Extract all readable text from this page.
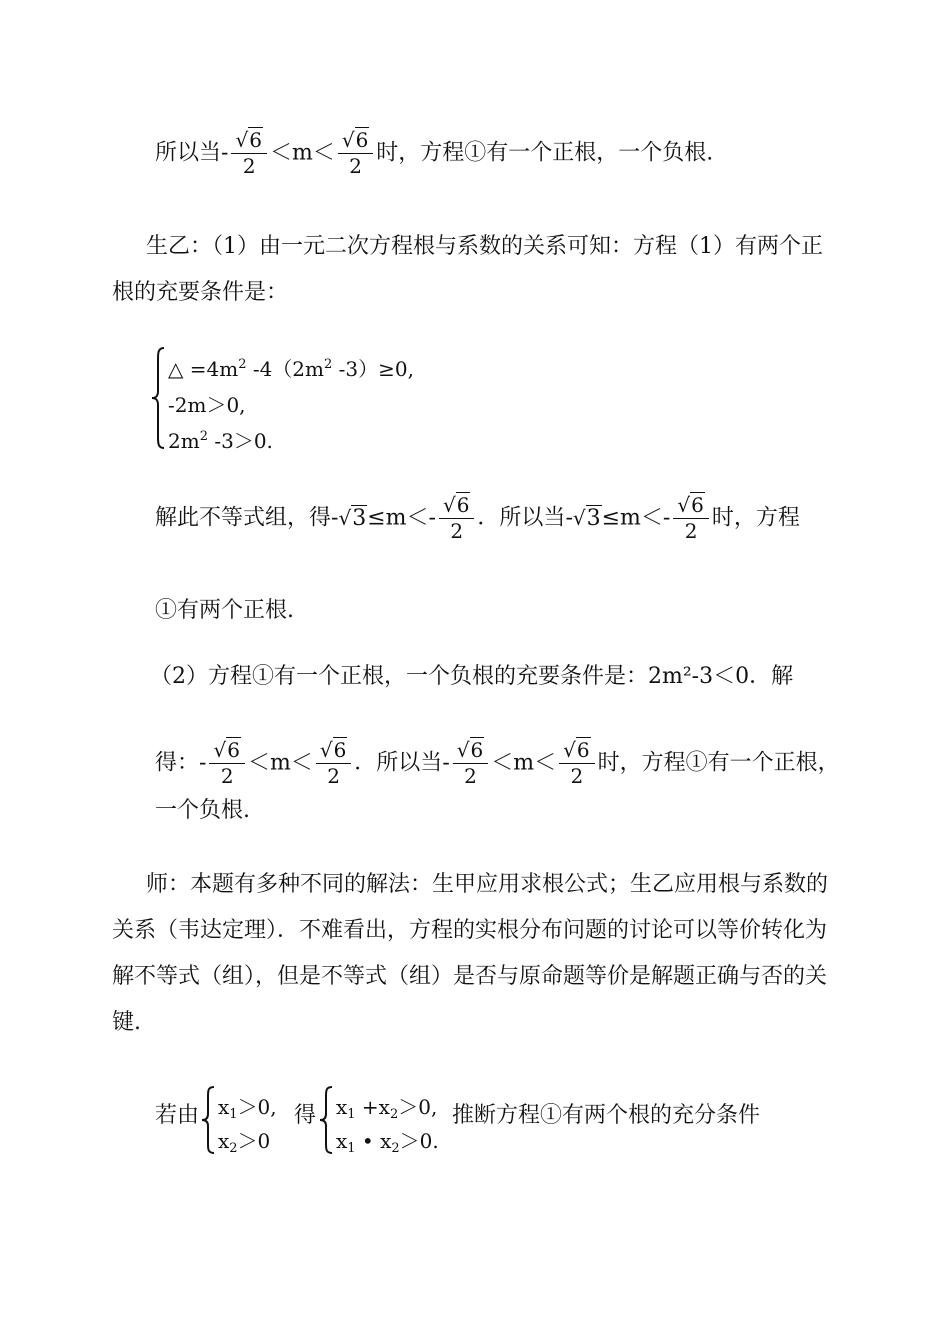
所以当- $\frac{√6}{2} <m< \frac{√6}{2}$ 时，方程①有一个正根，一个负根.
生乙：（1）由一元二次方程根与系数的关系可知：方程（1）有两个正
根的充要条件是：
△ $=4m^2$ $-4(2m^2$ -3）≥0,
-2m＞0,
$2m^2$ -3＞0.
解此不等式组，得$-√3\le m<- \frac{√6}{2}$ ．所以当$-√3\le m<- \frac{√6}{2}$ 时，方程
①有两个正根.
（2）方程①有一个正根，一个负根的充要条件是：2m²-3＜0．解
得：- $\frac{√6}{2} <m< \frac{√6}{2}$ ．所以当- $\frac{√6}{2} <m< \frac{√6}{2}$ 时，方程①有一个正根，
一个负根.
师：本题有多种不同的解法：生甲应用求根公式；生乙应用根与系数的
关系（韦达定理）．不难看出，方程的实根分布问题的讨论可以等价转化为
解不等式（组），但是不等式（组）是否与原命题等价是解题正确与否的关
键.
若由 $x_1>0$,
$x_2>0$
得 $x_1 +x_2>0$,
$x_1$ • $x_2>0$.
推断方程①有两个根的充分条件
